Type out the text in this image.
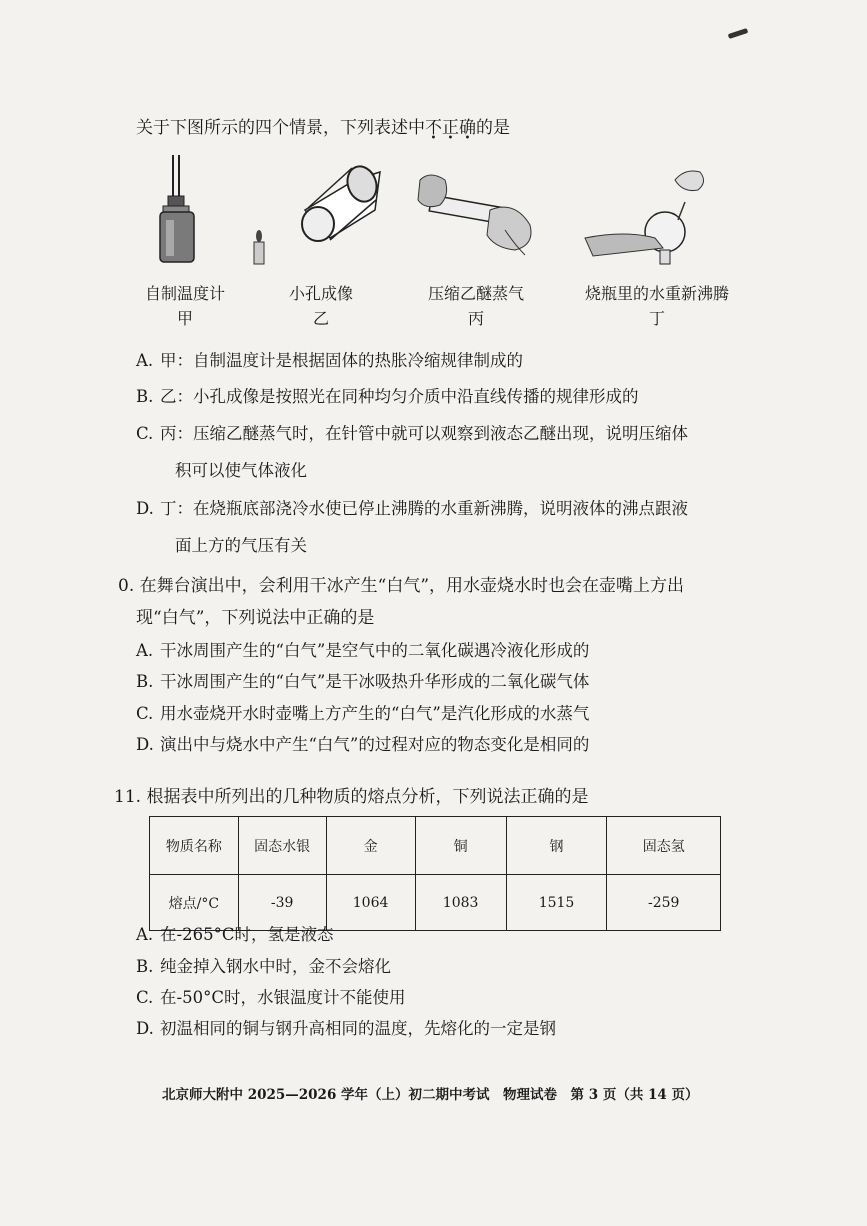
关于下图所示的四个情景，下列表述中不正确的是
自制温度计
甲
小孔成像
乙
压缩乙醚蒸气
丙
烧瓶里的水重新沸腾
丁
A. 甲：自制温度计是根据固体的热胀冷缩规律制成的
B. 乙：小孔成像是按照光在同种均匀介质中沿直线传播的规律形成的
C. 丙：压缩乙醚蒸气时，在针管中就可以观察到液态乙醚出现，说明压缩体
积可以使气体液化
D. 丁：在烧瓶底部浇冷水使已停止沸腾的水重新沸腾，说明液体的沸点跟液
面上方的气压有关
0. 在舞台演出中，会利用干冰产生“白气”，用水壶烧水时也会在壶嘴上方出
现“白气”，下列说法中正确的是
A. 干冰周围产生的“白气”是空气中的二氧化碳遇冷液化形成的
B. 干冰周围产生的“白气”是干冰吸热升华形成的二氧化碳气体
C. 用水壶烧开水时壶嘴上方产生的“白气”是汽化形成的水蒸气
D. 演出中与烧水中产生“白气”的过程对应的物态变化是相同的
11. 根据表中所列出的几种物质的熔点分析，下列说法正确的是
物质名称	固态水银	金	铜	钢	固态氢
熔点/°C	-39	1064	1083	1515	-259
A. 在-265°C时，氢是液态
B. 纯金掉入钢水中时，金不会熔化
C. 在-50°C时，水银温度计不能使用
D. 初温相同的铜与钢升高相同的温度，先熔化的一定是钢
北京师大附中 2025—2026 学年（上）初二期中考试　物理试卷　第 3 页（共 14 页）
